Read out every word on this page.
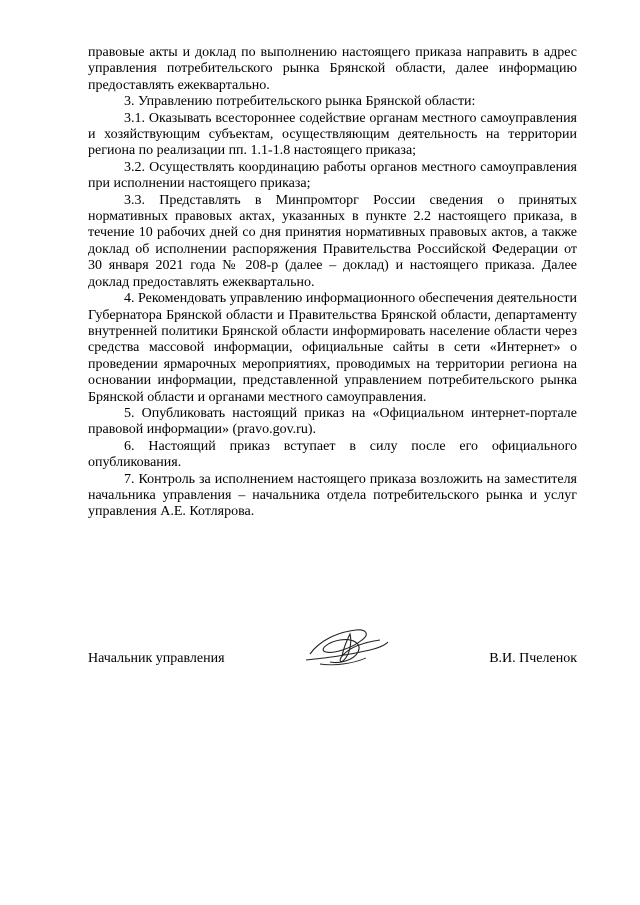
правовые акты и доклад по выполнению настоящего приказа направить в адрес управления потребительского рынка Брянской области, далее информацию предоставлять ежеквартально.

3. Управлению потребительского рынка Брянской области:

3.1. Оказывать всестороннее содействие органам местного самоуправления и хозяйствующим субъектам, осуществляющим деятельность на территории региона по реализации пп. 1.1-1.8 настоящего приказа;

3.2. Осуществлять координацию работы органов местного самоуправления при исполнении настоящего приказа;

3.3. Представлять в Минпромторг России сведения о принятых нормативных правовых актах, указанных в пункте 2.2 настоящего приказа, в течение 10 рабочих дней со дня принятия нормативных правовых актов, а также доклад об исполнении распоряжения Правительства Российской Федерации от 30 января 2021 года № 208-р (далее – доклад) и настоящего приказа. Далее доклад предоставлять ежеквартально.

4. Рекомендовать управлению информационного обеспечения деятельности Губернатора Брянской области и Правительства Брянской области, департаменту внутренней политики Брянской области информировать население области через средства массовой информации, официальные сайты в сети «Интернет» о проведении ярмарочных мероприятиях, проводимых на территории региона на основании информации, представленной управлением потребительского рынка Брянской области и органами местного самоуправления.

5. Опубликовать настоящий приказ на «Официальном интернет-портале правовой информации» (pravo.gov.ru).

6. Настоящий приказ вступает в силу после его официального опубликования.

7. Контроль за исполнением настоящего приказа возложить на заместителя начальника управления – начальника отдела потребительского рынка и услуг управления А.Е. Котлярова.

Начальник управления	В.И. Пчеленок
